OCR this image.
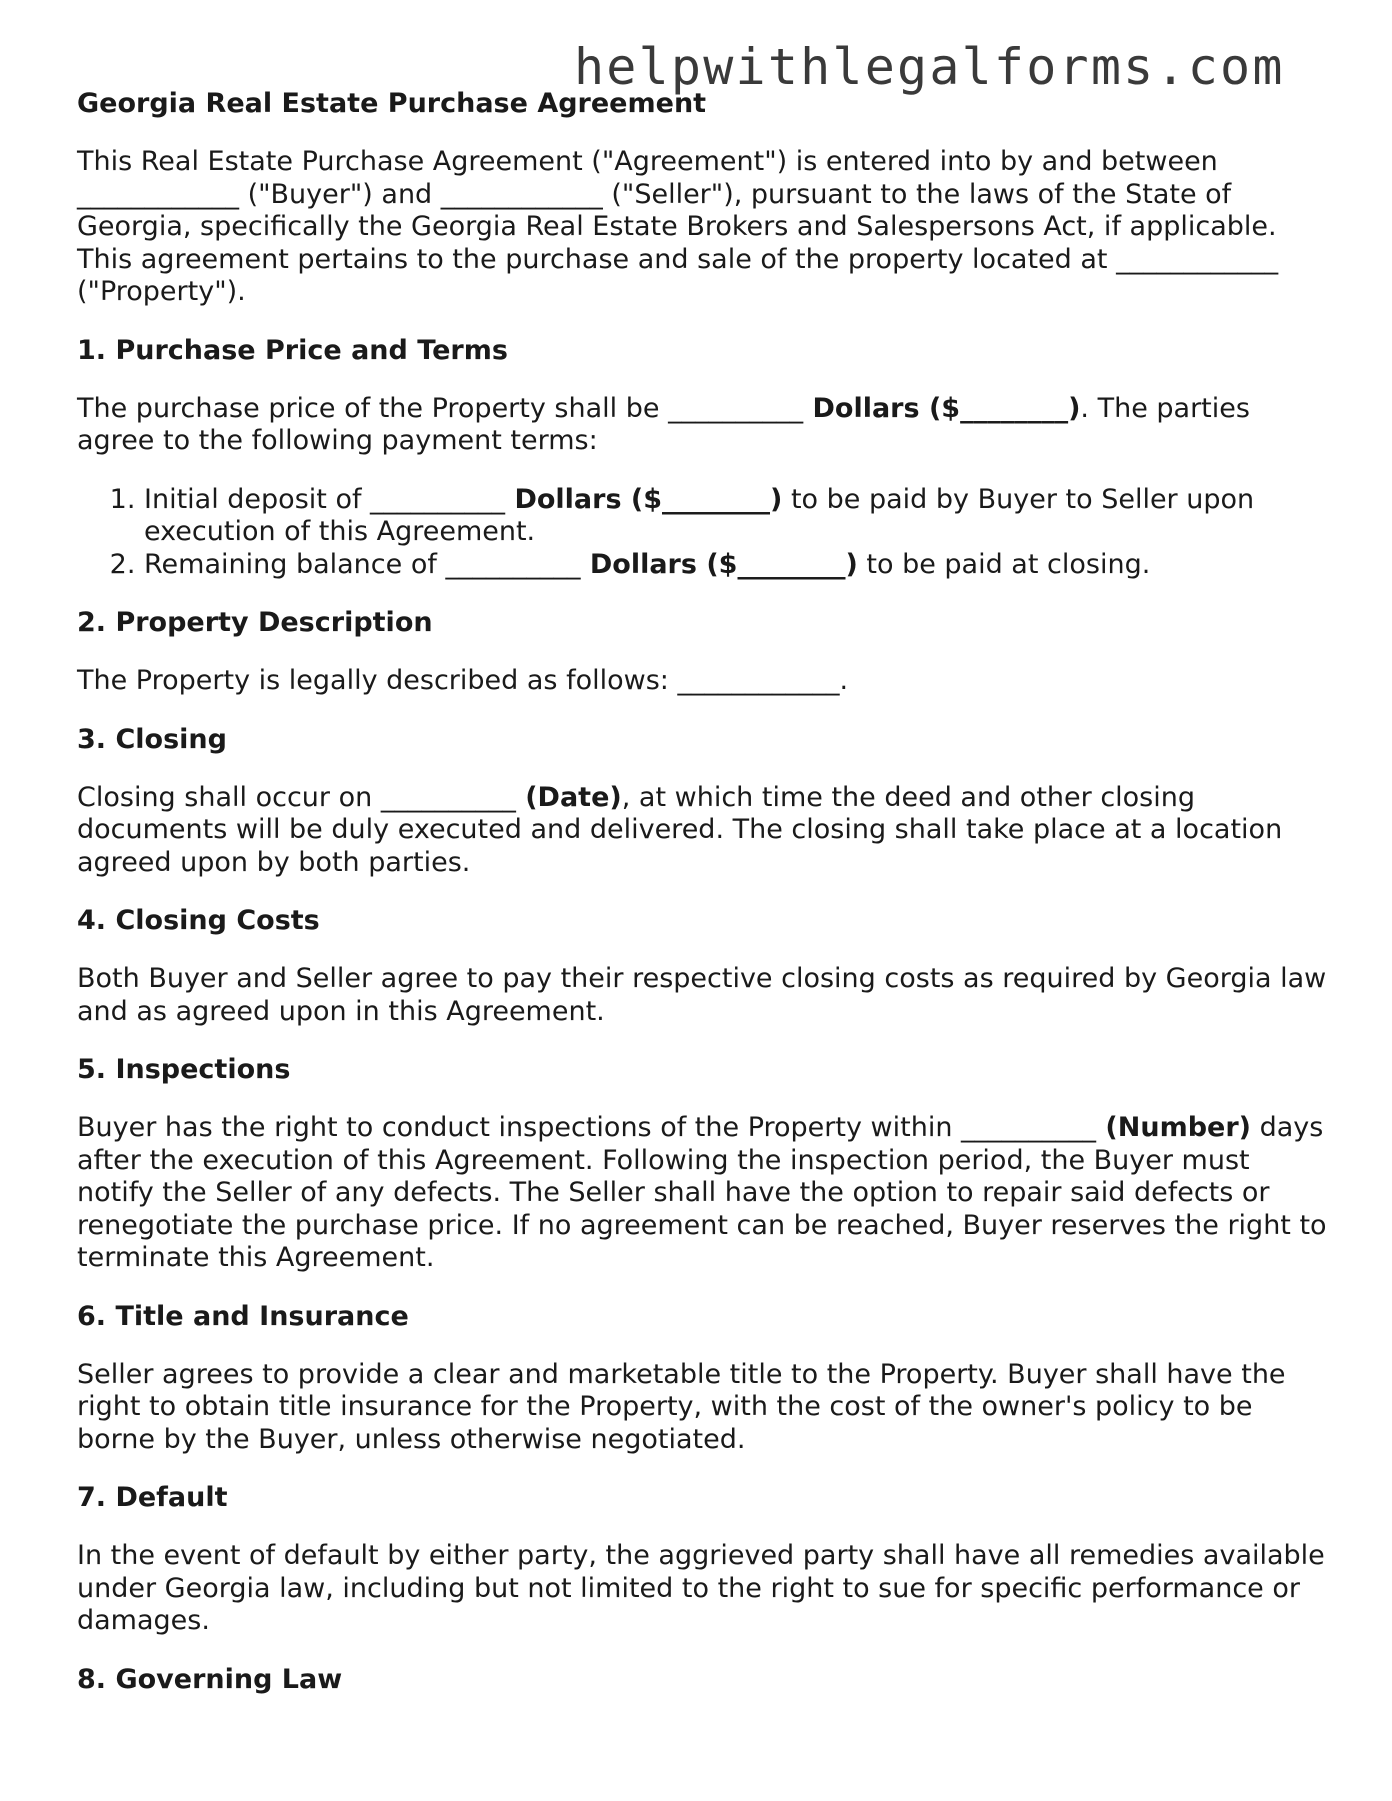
helpwithlegalforms.com
Georgia Real Estate Purchase Agreement

This Real Estate Purchase Agreement ("Agreement") is entered into by and between ____________ ("Buyer") and ____________ ("Seller"), pursuant to the laws of the State of Georgia, specifically the Georgia Real Estate Brokers and Salespersons Act, if applicable. This agreement pertains to the purchase and sale of the property located at ____________ ("Property").

1. Purchase Price and Terms

The purchase price of the Property shall be __________ Dollars ($________). The parties agree to the following payment terms:

1. Initial deposit of __________ Dollars ($________) to be paid by Buyer to Seller upon execution of this Agreement.
2. Remaining balance of __________ Dollars ($________) to be paid at closing.
2. Property Description

The Property is legally described as follows: ____________.

3. Closing

Closing shall occur on __________ (Date), at which time the deed and other closing documents will be duly executed and delivered. The closing shall take place at a location agreed upon by both parties.

4. Closing Costs

Both Buyer and Seller agree to pay their respective closing costs as required by Georgia law and as agreed upon in this Agreement.

5. Inspections

Buyer has the right to conduct inspections of the Property within __________ (Number) days after the execution of this Agreement. Following the inspection period, the Buyer must notify the Seller of any defects. The Seller shall have the option to repair said defects or renegotiate the purchase price. If no agreement can be reached, Buyer reserves the right to terminate this Agreement.

6. Title and Insurance

Seller agrees to provide a clear and marketable title to the Property. Buyer shall have the right to obtain title insurance for the Property, with the cost of the owner's policy to be borne by the Buyer, unless otherwise negotiated.

7. Default

In the event of default by either party, the aggrieved party shall have all remedies available under Georgia law, including but not limited to the right to sue for specific performance or damages.

8. Governing Law
